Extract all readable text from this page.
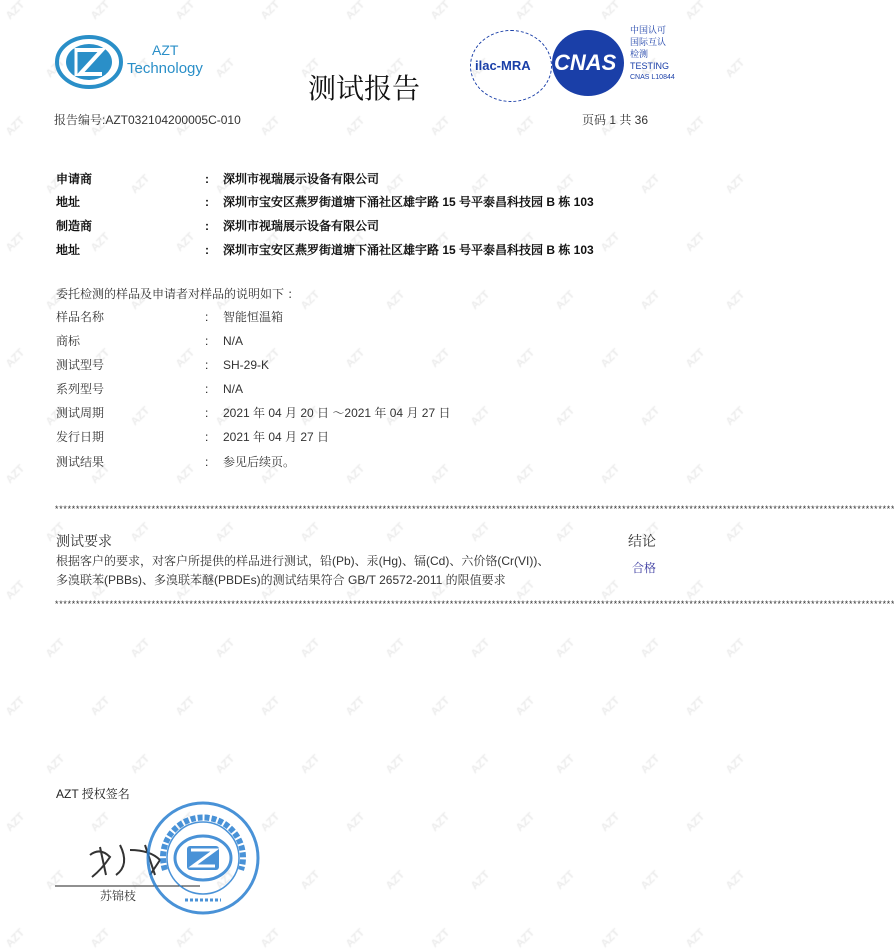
AZT
Technology
测试报告
ilac-MRA CNAS
中国认可
国际互认
检测
TESTING
CNAS L10844
报告编号:AZT032104200005C-010	页码 1 共 36
申请商	: 深圳市视瑞展示设备有限公司
地址	: 深圳市宝安区燕罗街道塘下涌社区雄宇路 15 号平泰昌科技园 B 栋 103
制造商	: 深圳市视瑞展示设备有限公司
地址	: 深圳市宝安区燕罗街道塘下涌社区雄宇路 15 号平泰昌科技园 B 栋 103
委托检测的样品及申请者对样品的说明如下 ：
样品名称	: 智能恒温箱
商标	: N/A
测试型号	: SH-29-K
系列型号	: N/A
测试周期	: 2021 年 04 月 20 日 ～2021 年 04 月 27 日
发行日期	: 2021 年 04 月 27 日
测试结果	: 参见后续页。
********************************************************************************************************************************************************************************************************
测试要求
根据客户的要求，对客户所提供的样品进行测试，铅(Pb)、汞(Hg)、镉(Cd)、六价铬(Cr(VI))、
多溴联苯(PBBs)、多溴联苯醚(PBDEs)的测试结果符合 GB/T 26572-2011 的限值要求
结论
合格
********************************************************************************************************************************************************************************************************
AZT 授权签名
苏锦枝
